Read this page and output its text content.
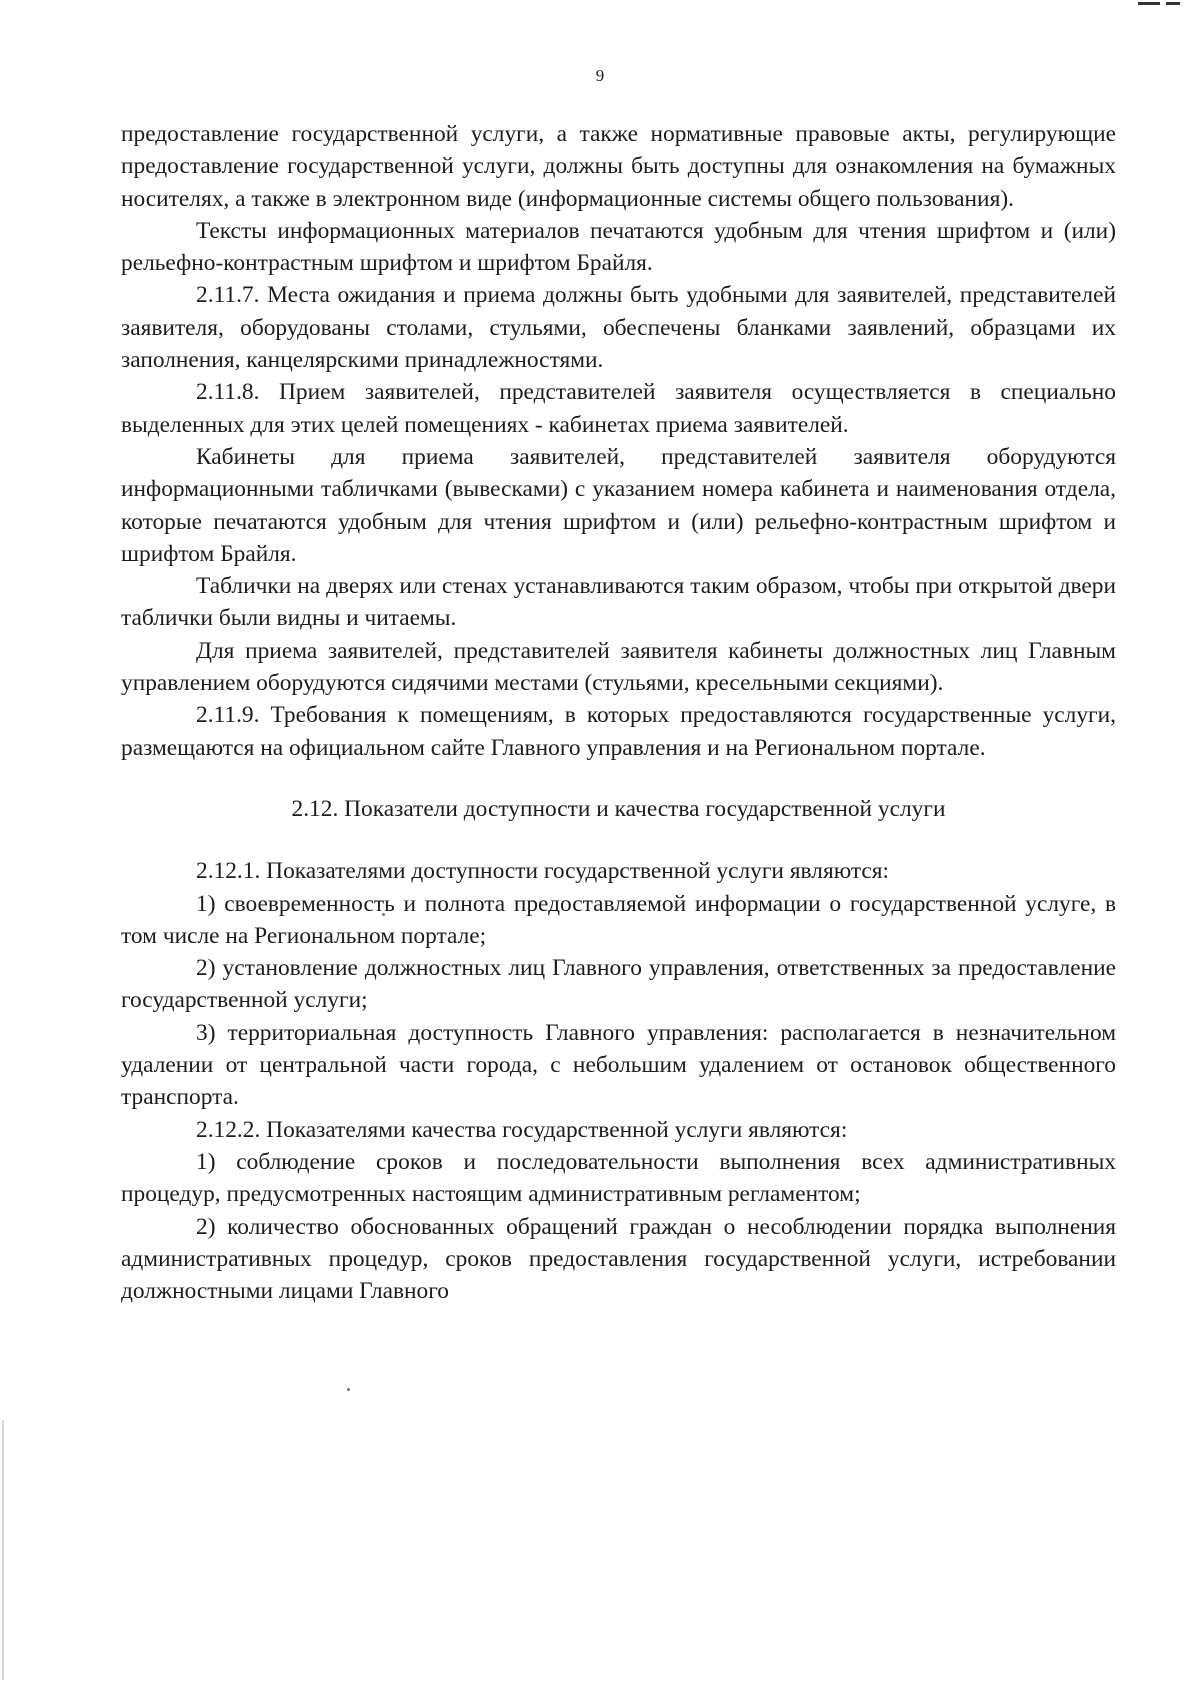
9

предоставление государственной услуги, а также нормативные правовые акты, регулирующие предоставление государственной услуги, должны быть доступны для ознакомления на бумажных носителях, а также в электронном виде (информационные системы общего пользования).

Тексты информационных материалов печатаются удобным для чтения шрифтом и (или) рельефно-контрастным шрифтом и шрифтом Брайля.

2.11.7. Места ожидания и приема должны быть удобными для заявителей, представителей заявителя, оборудованы столами, стульями, обеспечены бланками заявлений, образцами их заполнения, канцелярскими принадлежностями.

2.11.8. Прием заявителей, представителей заявителя осуществляется в специально выделенных для этих целей помещениях - кабинетах приема заявителей.

Кабинеты для приема заявителей, представителей заявителя оборудуются информационными табличками (вывесками) с указанием номера кабинета и наименования отдела, которые печатаются удобным для чтения шрифтом и (или) рельефно-контрастным шрифтом и шрифтом Брайля.

Таблички на дверях или стенах устанавливаются таким образом, чтобы при открытой двери таблички были видны и читаемы.

Для приема заявителей, представителей заявителя кабинеты должностных лиц Главным управлением оборудуются сидячими местами (стульями, кресельными секциями).

2.11.9. Требования к помещениям, в которых предоставляются государственные услуги, размещаются на официальном сайте Главного управления и на Региональном портале.

2.12. Показатели доступности и качества государственной услуги

2.12.1. Показателями доступности государственной услуги являются:

1) своевременность и полнота предоставляемой информации о государственной услуге, в том числе на Региональном портале;

2) установление должностных лиц Главного управления, ответственных за предоставление государственной услуги;

3) территориальная доступность Главного управления: располагается в незначительном удалении от центральной части города, с небольшим удалением от остановок общественного транспорта.

2.12.2. Показателями качества государственной услуги являются:

1) соблюдение сроков и последовательности выполнения всех административных процедур, предусмотренных настоящим административным регламентом;

2) количество обоснованных обращений граждан о несоблюдении порядка выполнения административных процедур, сроков предоставления государственной услуги, истребовании должностными лицами Главного
